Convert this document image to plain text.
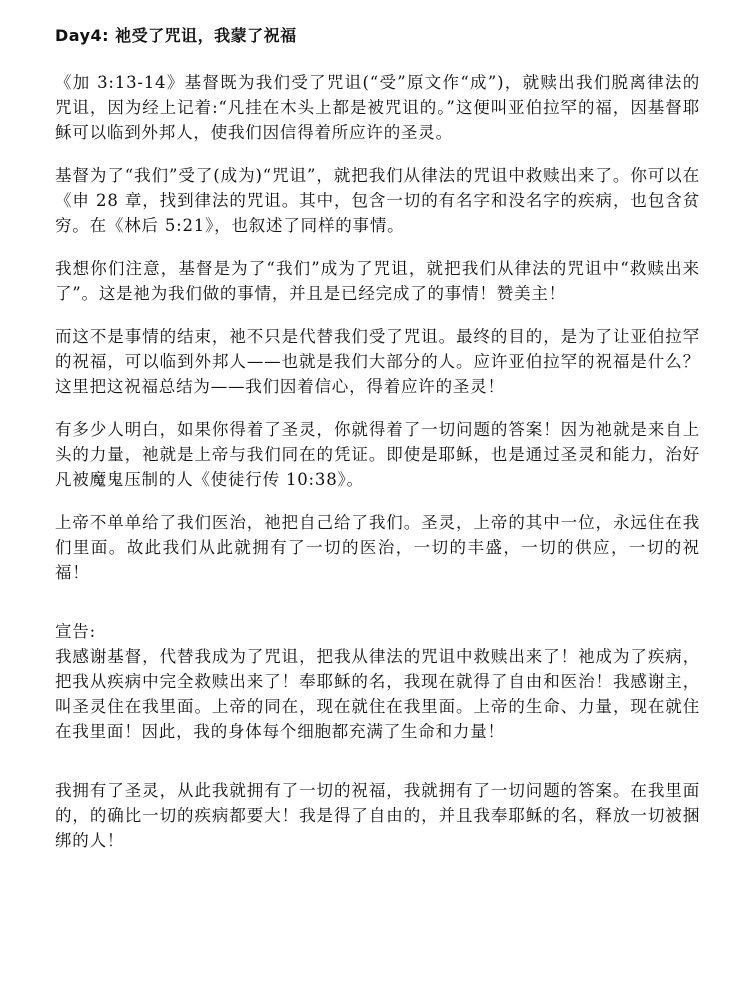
Day4: 祂受了咒诅，我蒙了祝福

《加 3:13-14》基督既为我们受了咒诅(“受”原文作“成”)，就赎出我们脱离律法的咒诅，因为经上记着:“凡挂在木头上都是被咒诅的。”这便叫亚伯拉罕的福，因基督耶稣可以临到外邦人，使我们因信得着所应许的圣灵。

基督为了“我们”受了(成为)“咒诅”，就把我们从律法的咒诅中救赎出来了。你可以在《申 28 章，找到律法的咒诅。其中，包含一切的有名字和没名字的疾病，也包含贫穷。在《林后 5:21》，也叙述了同样的事情。

我想你们注意，基督是为了“我们”成为了咒诅，就把我们从律法的咒诅中“救赎出来了”。这是祂为我们做的事情，并且是已经完成了的事情！赞美主！

而这不是事情的结束，祂不只是代替我们受了咒诅。最终的目的，是为了让亚伯拉罕的祝福，可以临到外邦人——也就是我们大部分的人。应许亚伯拉罕的祝福是什么？这里把这祝福总结为——我们因着信心，得着应许的圣灵！

有多少人明白，如果你得着了圣灵，你就得着了一切问题的答案！因为祂就是来自上头的力量，祂就是上帝与我们同在的凭证。即使是耶稣，也是通过圣灵和能力，治好凡被魔鬼压制的人《使徒行传 10:38》。

上帝不单单给了我们医治，祂把自己给了我们。圣灵，上帝的其中一位，永远住在我们里面。故此我们从此就拥有了一切的医治，一切的丰盛，一切的供应，一切的祝福！

宣告:

我感谢基督，代替我成为了咒诅，把我从律法的咒诅中救赎出来了！祂成为了疾病，把我从疾病中完全救赎出来了！奉耶稣的名，我现在就得了自由和医治！我感谢主，叫圣灵住在我里面。上帝的同在，现在就住在我里面。上帝的生命、力量，现在就住在我里面！因此，我的身体每个细胞都充满了生命和力量！

我拥有了圣灵，从此我就拥有了一切的祝福，我就拥有了一切问题的答案。在我里面的，的确比一切的疾病都要大！我是得了自由的，并且我奉耶稣的名，释放一切被捆绑的人！
